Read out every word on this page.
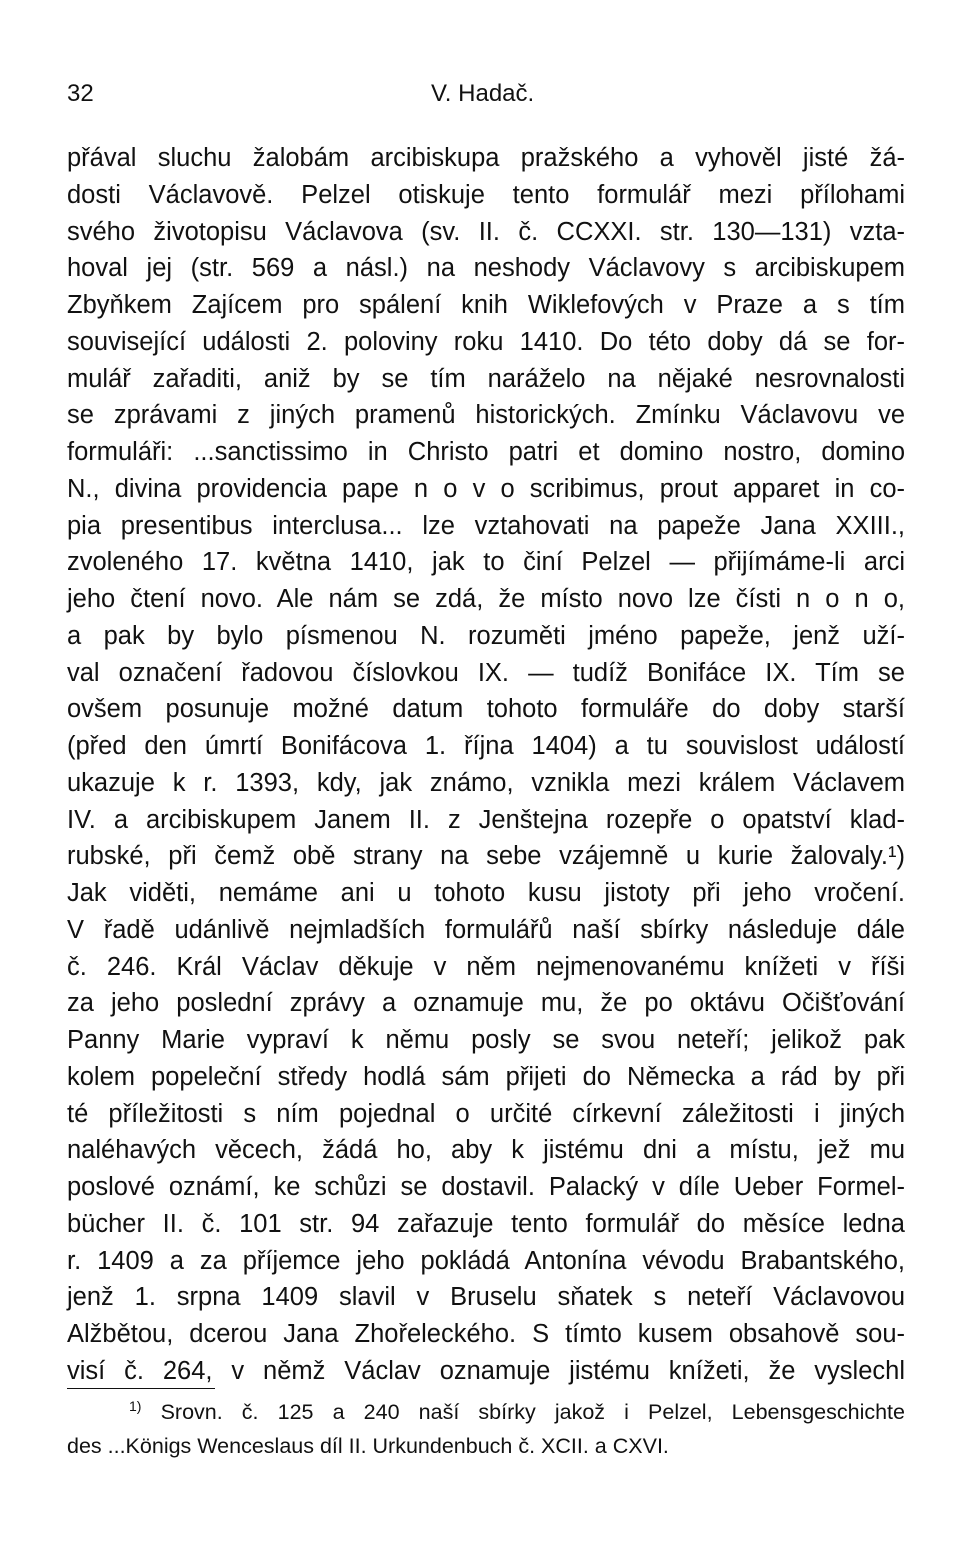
32	V. Hadač.
přával sluchu žalobám arcibiskupa pražského a vyhověl jisté žá-
dosti Václavově. Pelzel otiskuje tento formulář mezi přílohami
svého životopisu Václavova (sv. II. č. CCXXI. str. 130—131) vzta-
hoval jej (str. 569 a násl.) na neshody Václavovy s arcibiskupem
Zbyňkem Zajícem pro spálení knih Wiklefových v Praze a s tím
související události 2. poloviny roku 1410. Do této doby dá se for-
mulář zařaditi, aniž by se tím naráželo na nějaké nesrovnalosti
se zprávami z jiných pramenů historických. Zmínku Václavovu ve
formuláři: ...sanctissimo in Christo patri et domino nostro, domino
N., divina providencia pape n o v o scribimus, prout apparet in co-
pia presentibus interclusa... lze vztahovati na papeže Jana XXIII.,
zvoleného 17. května 1410, jak to činí Pelzel — přijímáme-li arci
jeho čtení novo. Ale nám se zdá, že místo novo lze čísti n o n o,
a pak by bylo písmenou N. rozuměti jméno papeže, jenž uží-
val označení řadovou číslovkou IX. — tudíž Bonifáce IX. Tím se
ovšem posunuje možné datum tohoto formuláře do doby starší
(před den úmrtí Bonifácova 1. října 1404) a tu souvislost událostí
ukazuje k r. 1393, kdy, jak známo, vznikla mezi králem Václavem
IV. a arcibiskupem Janem II. z Jenštejna rozepře o opatství klad-
rubské, při čemž obě strany na sebe vzájemně u kurie žalovaly.¹)
Jak viděti, nemáme ani u tohoto kusu jistoty při jeho vročení.
V řadě udánlivě nejmladších formulářů naší sbírky následuje dále
č. 246. Král Václav děkuje v něm nejmenovanému knížeti v říši
za jeho poslední zprávy a oznamuje mu, že po oktávu Očišťování
Panny Marie vypraví k němu posly se svou neteří; jelikož pak
kolem popeleční středy hodlá sám přijeti do Německa a rád by při
té příležitosti s ním pojednal o určité církevní záležitosti i jiných
naléhavých věcech, žádá ho, aby k jistému dni a místu, jež mu
poslové oznámí, ke schůzi se dostavil. Palacký v díle Ueber Formel-
bücher II. č. 101 str. 94 zařazuje tento formulář do měsíce ledna
r. 1409 a za příjemce jeho pokládá Antonína vévodu Brabantského,
jenž 1. srpna 1409 slavil v Bruselu sňatek s neteří Václavovou
Alžbětou, dcerou Jana Zhořeleckého. S tímto kusem obsahově sou-
visí č. 264, v němž Václav oznamuje jistému knížeti, že vyslechl
$^{1)}$ Srovn. č. 125 a 240 naší sbírky jakož i Pelzel, Lebensgeschichte
des ...Königs Wenceslaus díl II. Urkundenbuch č. XCII. a CXVI.
